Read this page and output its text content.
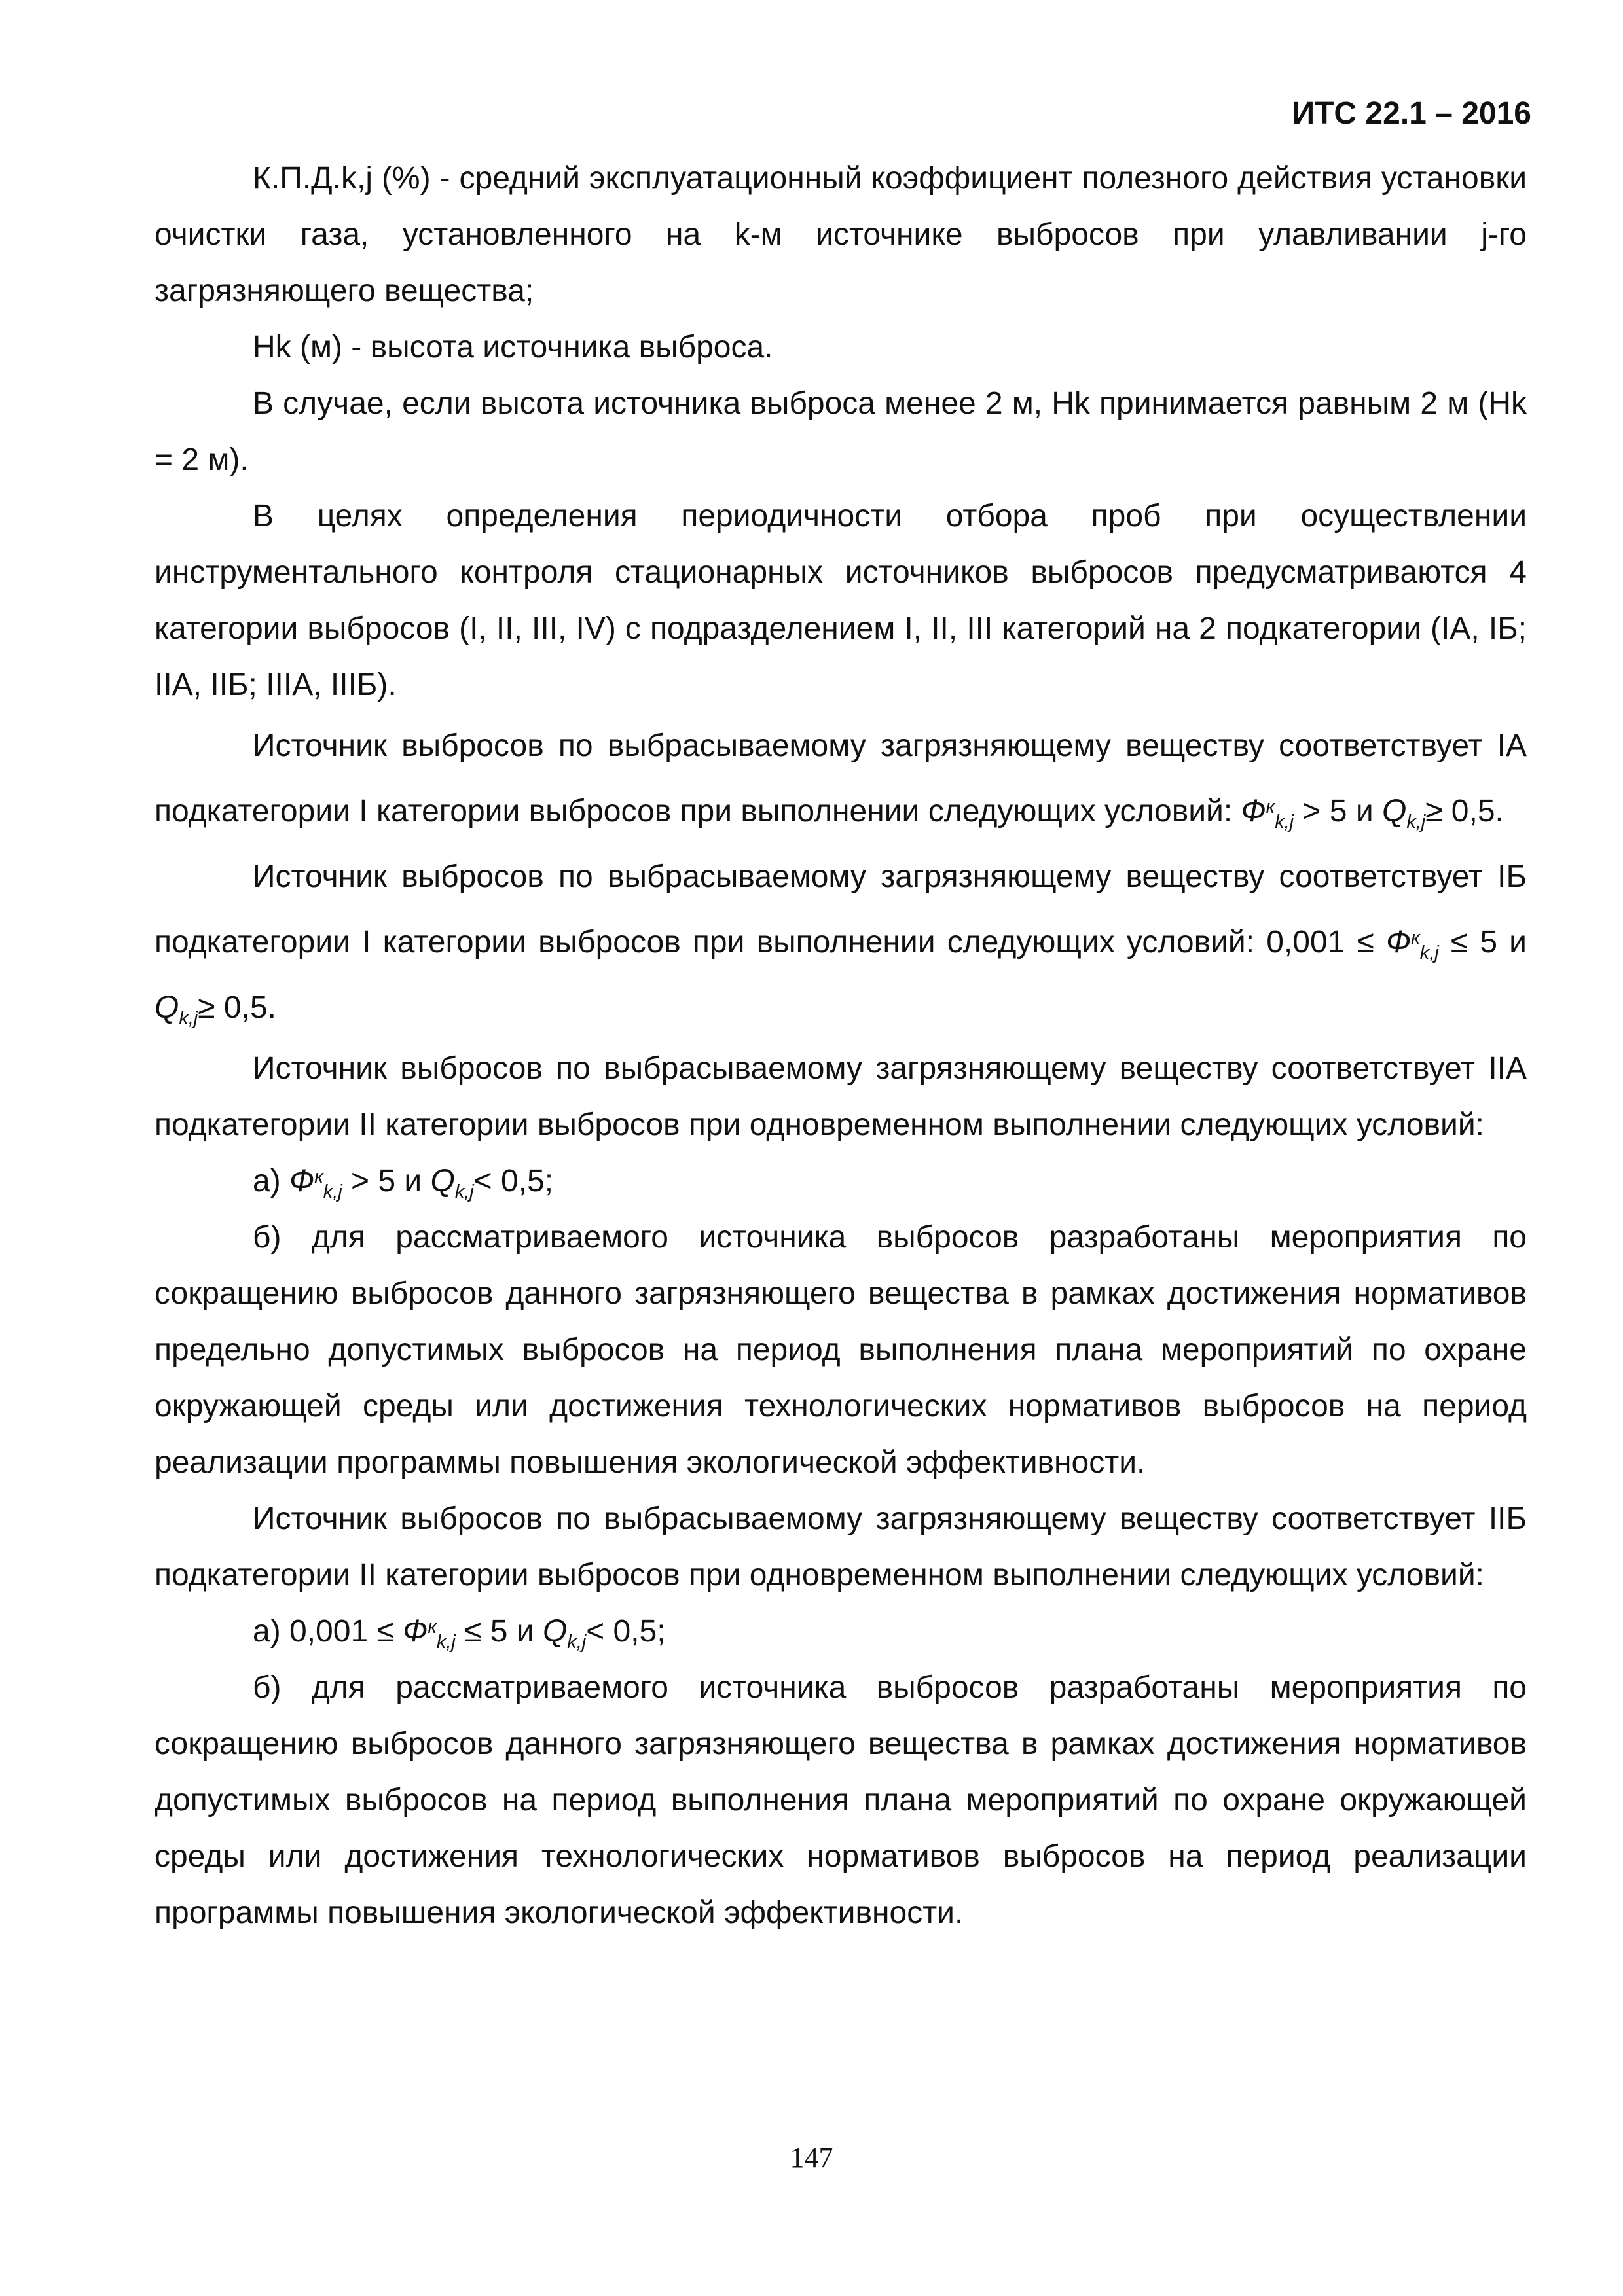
ИТС 22.1 – 2016

К.П.Д.k,j (%) - средний эксплуатационный коэффициент полезного действия установки очистки газа, установленного на k-м источнике выбросов при улавливании j-го загрязняющего вещества;

Hk (м) - высота источника выброса.

В случае, если высота источника выброса менее 2 м, Hk принимается равным 2 м (Hk = 2 м).

В целях определения периодичности отбора проб при осуществлении инструментального контроля стационарных источников выбросов предусматриваются 4 категории выбросов (I, II, III, IV) с подразделением I, II, III категорий на 2 подкатегории (IА, IБ; IIА, IIБ; IIIА, IIIБ).

Источник выбросов по выбрасываемому загрязняющему веществу соответствует IА подкатегории I категории выбросов при выполнении следующих условий: $Ф^к_{k,j} > 5$ и $Q_{k,j}\ge 0,5$.

Источник выбросов по выбрасываемому загрязняющему веществу соответствует IБ подкатегории I категории выбросов при выполнении следующих условий: $0,001 \le Ф^к_{k,j} \le 5$ и $Q_{k,j}\ge 0,5$.

Источник выбросов по выбрасываемому загрязняющему веществу соответствует IIА подкатегории II категории выбросов при одновременном выполнении следующих условий:

а) $Ф^к_{k,j} > 5$ и $Q_{k,j}< 0,5$;

б) для рассматриваемого источника выбросов разработаны мероприятия по сокращению выбросов данного загрязняющего вещества в рамках достижения нормативов предельно допустимых выбросов на период выполнения плана мероприятий по охране окружающей среды или достижения технологических нормативов выбросов на период реализации программы повышения экологической эффективности.

Источник выбросов по выбрасываемому загрязняющему веществу соответствует IIБ подкатегории II категории выбросов при одновременном выполнении следующих условий:

а) $0,001 \le Ф^к_{k,j} \le 5$ и $Q_{k,j}< 0,5$;

б) для рассматриваемого источника выбросов разработаны мероприятия по сокращению выбросов данного загрязняющего вещества в рамках достижения нормативов допустимых выбросов на период выполнения плана мероприятий по охране окружающей среды или достижения технологических нормативов выбросов на период реализации программы повышения экологической эффективности.

147
